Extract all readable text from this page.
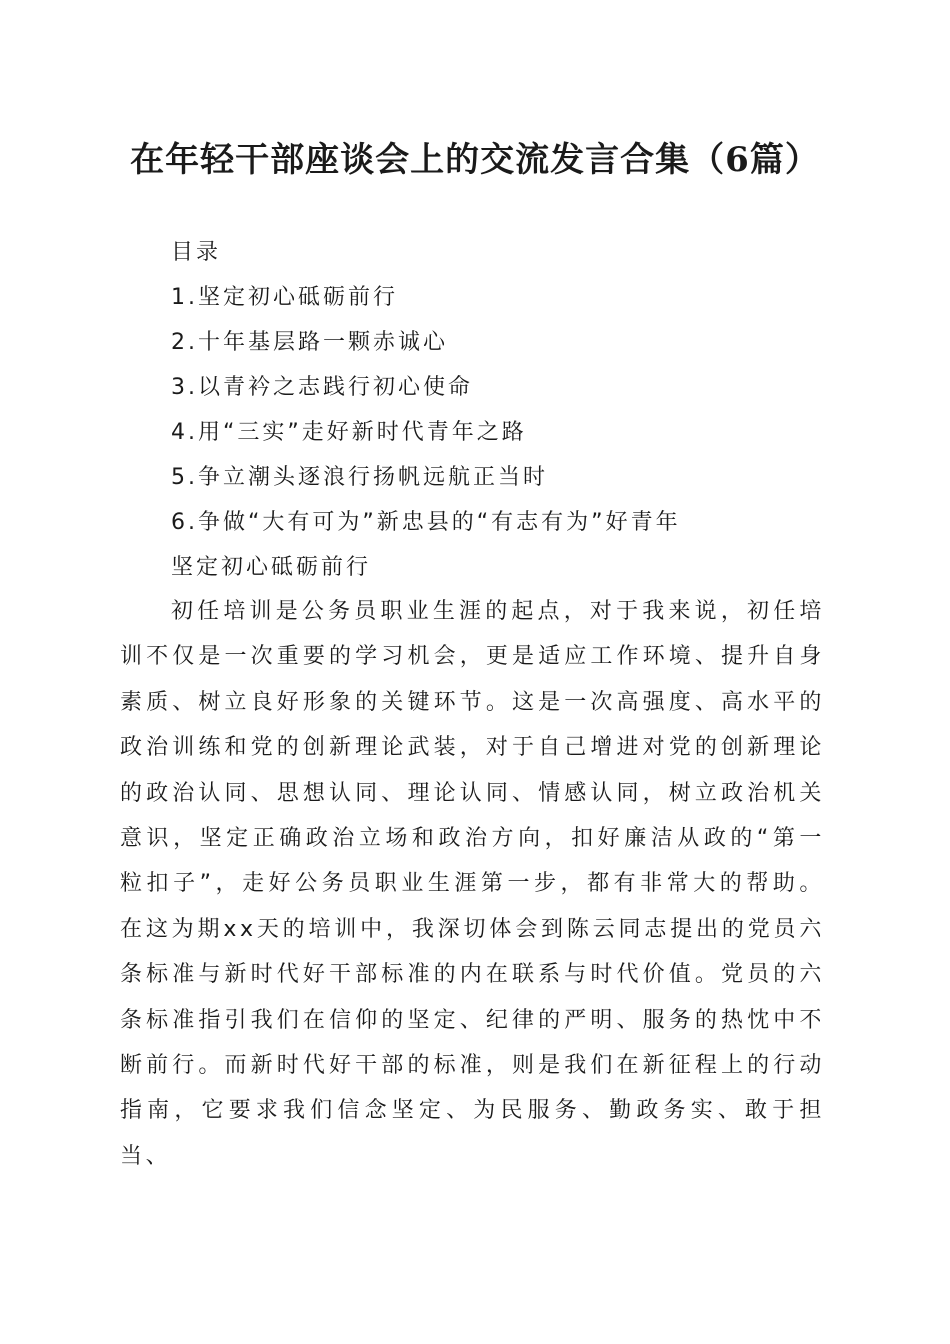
在年轻干部座谈会上的交流发言合集（6篇）
目录
1.坚定初心砥砺前行
2.十年基层路一颗赤诚心
3.以青衿之志践行初心使命
4.用“三实”走好新时代青年之路
5.争立潮头逐浪行扬帆远航正当时
6.争做“大有可为”新忠县的“有志有为”好青年
坚定初心砥砺前行

初任培训是公务员职业生涯的起点，对于我来说，初任培训不仅是一次重要的学习机会，更是适应工作环境、提升自身素质、树立良好形象的关键环节。这是一次高强度、高水平的政治训练和党的创新理论武装，对于自己增进对党的创新理论的政治认同、思想认同、理论认同、情感认同，树立政治机关意识，坚定正确政治立场和政治方向，扣好廉洁从政的“第一粒扣子”，走好公务员职业生涯第一步，都有非常大的帮助。在这为期xx天的培训中，我深切体会到陈云同志提出的党员六条标准与新时代好干部标准的内在联系与时代价值。党员的六条标准指引我们在信仰的坚定、纪律的严明、服务的热忱中不断前行。而新时代好干部的标准，则是我们在新征程上的行动指南，它要求我们信念坚定、为民服务、勤政务实、敢于担当、
